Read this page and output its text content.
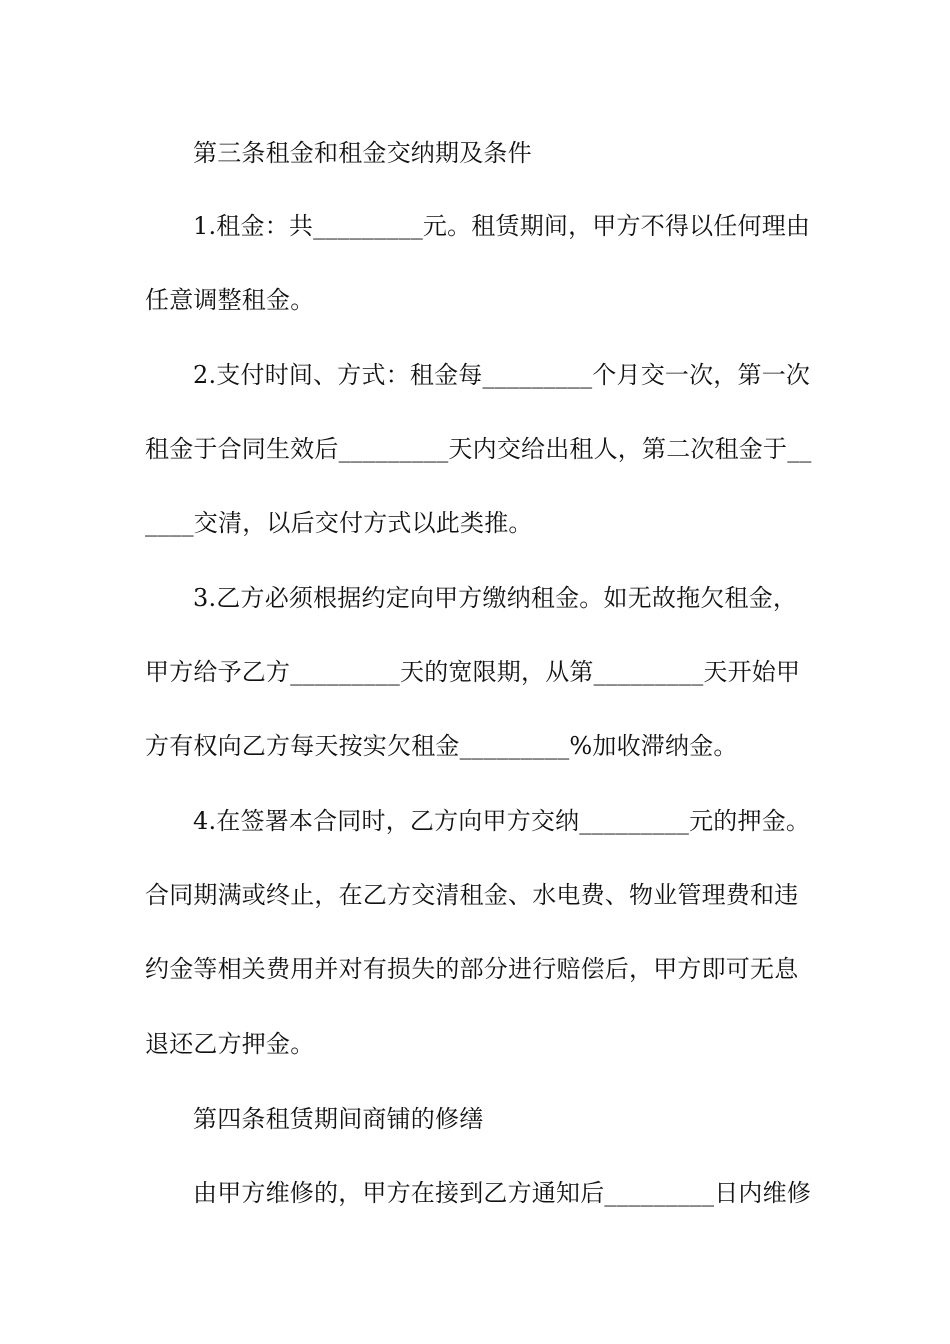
第三条租金和租金交纳期及条件
1.租金：共_________元。租赁期间，甲方不得以任何理由
任意调整租金。
2.支付时间、方式：租金每_________个月交一次，第一次
租金于合同生效后_________天内交给出租人，第二次租金于__
____交清，以后交付方式以此类推。
3.乙方必须根据约定向甲方缴纳租金。如无故拖欠租金，
甲方给予乙方_________天的宽限期，从第_________天开始甲
方有权向乙方每天按实欠租金_________%加收滞纳金。
4.在签署本合同时，乙方向甲方交纳_________元的押金。
合同期满或终止，在乙方交清租金、水电费、物业管理费和违
约金等相关费用并对有损失的部分进行赔偿后，甲方即可无息
退还乙方押金。
第四条租赁期间商铺的修缮
由甲方维修的，甲方在接到乙方通知后_________日内维修
